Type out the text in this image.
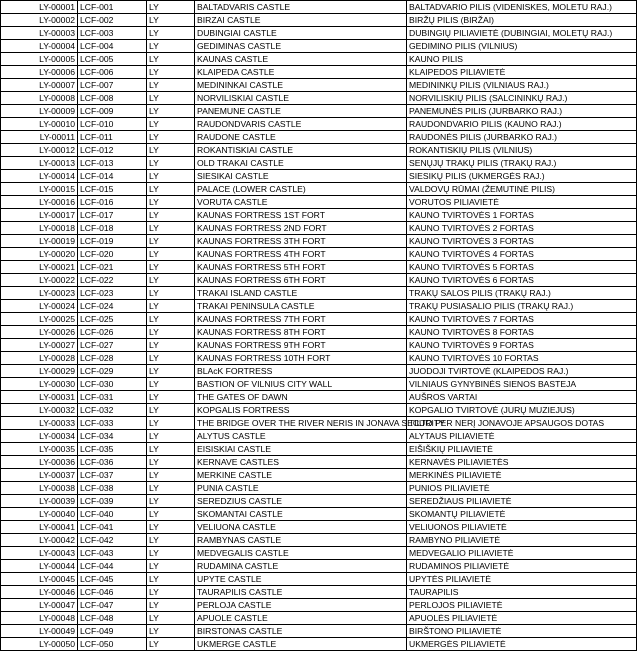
LY-00001	LCF-001	LY	BALTADVARIS CASTLE	BALTADVARIO PILIS (VIDENISKES, MOLETU RAJ.)
LY-00002	LCF-002	LY	BIRZAI CASTLE	BIRŽŲ PILIS (BIRŽAI)
LY-00003	LCF-003	LY	DUBINGIAI CASTLE	DUBINGIŲ PILIAVIETĖ (DUBINGIAI, MOLETŲ RAJ.)
LY-00004	LCF-004	LY	GEDIMINAS CASTLE	GEDIMINO PILIS (VILNIUS)
LY-00005	LCF-005	LY	KAUNAS CASTLE	KAUNO PILIS
LY-00006	LCF-006	LY	KLAIPEDA CASTLE	KLAIPEDOS PILIAVIETĖ
LY-00007	LCF-007	LY	MEDININKAI CASTLE	MEDININKŲ PILIS (VILNIAUS RAJ.)
LY-00008	LCF-008	LY	NORVILISKIAI CASTLE	NORVILISKIŲ PILIS (SALCININKŲ RAJ.)
LY-00009	LCF-009	LY	PANEMUNE CASTLE	PANEMUNĖS PILIS (JURBARKO RAJ.)
LY-00010	LCF-010	LY	RAUDONDVARIS CASTLE	RAUDONDVARIO PILIS (KAUNO RAJ.)
LY-00011	LCF-011	LY	RAUDONE CASTLE	RAUDONĖS PILIS (JURBARKO RAJ.)
LY-00012	LCF-012	LY	ROKANTISKIAI CASTLE	ROKANTISKIŲ PILIS (VILNIUS)
LY-00013	LCF-013	LY	OLD TRAKAI CASTLE	SENŲJŲ TRAKŲ PILIS (TRAKŲ RAJ.)
LY-00014	LCF-014	LY	SIESIKAI CASTLE	SIESIKŲ PILIS (UKMERGĖS RAJ.)
LY-00015	LCF-015	LY	PALACE (LOWER CASTLE)	VALDOVŲ RŪMAI (ŽEMUTINĖ PILIS)
LY-00016	LCF-016	LY	VORUTA CASTLE	VORUTOS PILIAVIETĖ
LY-00017	LCF-017	LY	KAUNAS FORTRESS 1ST FORT	KAUNO TVIRTOVĖS 1 FORTAS
LY-00018	LCF-018	LY	KAUNAS FORTRESS 2ND FORT	KAUNO TVIRTOVĖS 2 FORTAS
LY-00019	LCF-019	LY	KAUNAS FORTRESS 3TH FORT	KAUNO TVIRTOVĖS 3 FORTAS
LY-00020	LCF-020	LY	KAUNAS FORTRESS 4TH FORT	KAUNO TVIRTOVĖS 4 FORTAS
LY-00021	LCF-021	LY	KAUNAS FORTRESS 5TH FORT	KAUNO TVIRTOVĖS 5 FORTAS
LY-00022	LCF-022	LY	KAUNAS FORTRESS 6TH FORT	KAUNO TVIRTOVĖS 6 FORTAS
LY-00023	LCF-023	LY	TRAKAI ISLAND CASTLE	TRAKŲ SALOS PILIS (TRAKŲ RAJ.)
LY-00024	LCF-024	LY	TRAKAI PENINSULA CASTLE	TRAKŲ PUSIASALIO PILIS (TRAKŲ RAJ.)
LY-00025	LCF-025	LY	KAUNAS FORTRESS 7TH FORT	KAUNO TVIRTOVĖS 7 FORTAS
LY-00026	LCF-026	LY	KAUNAS FORTRESS 8TH FORT	KAUNO TVIRTOVĖS 8 FORTAS
LY-00027	LCF-027	LY	KAUNAS FORTRESS 9TH FORT	KAUNO TVIRTOVĖS 9 FORTAS
LY-00028	LCF-028	LY	KAUNAS FORTRESS 10TH FORT	KAUNO TVIRTOVĖS 10 FORTAS
LY-00029	LCF-029	LY	BLAcK FORTRESS	JUODOJI TVIRTOVĖ (KLAIPEDOS RAJ.)
LY-00030	LCF-030	LY	BASTION OF VILNIUS CITY WALL	VILNIAUS GYNYBINĖS SIENOS BASTEJA
LY-00031	LCF-031	LY	THE GATES OF DAWN	AUŠROS VARTAI
LY-00032	LCF-032	LY	KOPGALIS FORTRESS	KOPGALIO TVIRTOVĖ (JURŲ MUZIEJUS)
LY-00033	LCF-033	LY	THE BRIDGE OVER THE RIVER NERIS IN JONAVA SECURITY	TILTO PER NERĮ JONAVOJE APSAUGOS DOTAS
LY-00034	LCF-034	LY	ALYTUS CASTLE	ALYTAUS PILIAVIETĖ
LY-00035	LCF-035	LY	EISISKIAI CASTLE	EIŠIŠKIŲ PILIAVIETĖ
LY-00036	LCF-036	LY	KERNAVE CASTLES	KERNAVĖS PILIAVIETĖS
LY-00037	LCF-037	LY	MERKINE CASTLE	MERKINĖS PILIAVIETĖ
LY-00038	LCF-038	LY	PUNIA CASTLE	PUNIOS PILIAVIETĖ
LY-00039	LCF-039	LY	SEREDZIUS CASTLE	SEREDŽIAUS PILIAVIETĖ
LY-00040	LCF-040	LY	SKOMANTAI CASTLE	SKOMANTŲ PILIAVIETĖ
LY-00041	LCF-041	LY	VELIUONA CASTLE	VELIUONOS PILIAVIETĖ
LY-00042	LCF-042	LY	RAMBYNAS CASTLE	RAMBYNO PILIAVIETĖ
LY-00043	LCF-043	LY	MEDVEGALIS CASTLE	MEDVEGALIO PILIAVIETĖ
LY-00044	LCF-044	LY	RUDAMINA CASTLE	RUDAMINOS PILIAVIETĖ
LY-00045	LCF-045	LY	UPYTE CASTLE	UPYTĖS PILIAVIETĖ
LY-00046	LCF-046	LY	TAURAPILIS CASTLE	TAURAPILIS
LY-00047	LCF-047	LY	PERLOJA CASTLE	PERLOJOS PILIAVIETĖ
LY-00048	LCF-048	LY	APUOLE CASTLE	APUOLĖS PILIAVIETĖ
LY-00049	LCF-049	LY	BIRSTONAS CASTLE	BIRŠTONO PILIAVIETĖ
LY-00050	LCF-050	LY	UKMERGE CASTLE	UKMERGĖS PILIAVIETĖ
